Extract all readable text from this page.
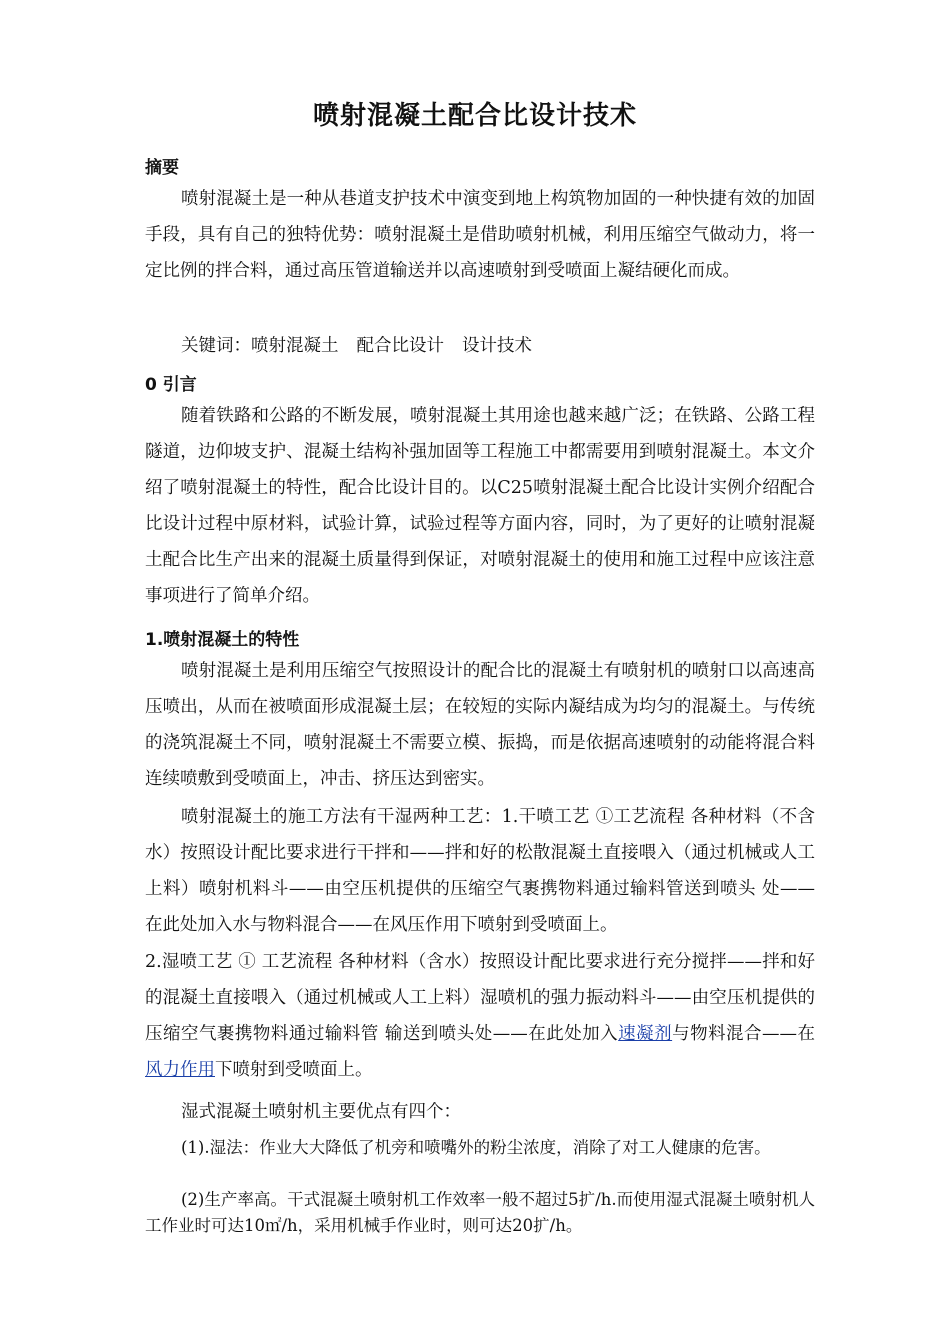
喷射混凝土配合比设计技术
摘要
喷射混凝土是一种从巷道支护技术中演变到地上构筑物加固的一种快捷有效的加固手段，具有自己的独特优势：喷射混凝土是借助喷射机械，利用压缩空气做动力，将一定比例的拌合料，通过高压管道输送并以高速喷射到受喷面上凝结硬化而成。
关键词：喷射混凝土 配合比设计 设计技术
0 引言
随着铁路和公路的不断发展，喷射混凝土其用途也越来越广泛；在铁路、公路工程隧道，边仰坡支护、混凝土结构补强加固等工程施工中都需要用到喷射混凝土。本文介绍了喷射混凝土的特性，配合比设计目的。以C25喷射混凝土配合比设计实例介绍配合比设计过程中原材料，试验计算，试验过程等方面内容，同时，为了更好的让喷射混凝土配合比生产出来的混凝土质量得到保证，对喷射混凝土的使用和施工过程中应该注意事项进行了简单介绍。
1.喷射混凝土的特性
喷射混凝土是利用压缩空气按照设计的配合比的混凝土有喷射机的喷射口以高速高压喷出，从而在被喷面形成混凝土层；在较短的实际内凝结成为均匀的混凝土。与传统的浇筑混凝土不同，喷射混凝土不需要立模、振捣，而是依据高速喷射的动能将混合料连续喷敷到受喷面上，冲击、挤压达到密实。
喷射混凝土的施工方法有干湿两种工艺：1.干喷工艺 ①工艺流程 各种材料（不含水）按照设计配比要求进行干拌和——拌和好的松散混凝土直接喂入（通过机械或人工上料）喷射机料斗——由空压机提供的压缩空气裹携物料通过输料管送到喷头 处——在此处加入水与物料混合——在风压作用下喷射到受喷面上。
2.湿喷工艺 ① 工艺流程 各种材料（含水）按照设计配比要求进行充分搅拌——拌和好的混凝土直接喂入（通过机械或人工上料）湿喷机的强力振动料斗——由空压机提供的压缩空气裹携物料通过输料管 输送到喷头处——在此处加入速凝剂与物料混合——在风力作用下喷射到受喷面上。
湿式混凝土喷射机主要优点有四个：
(1).湿法：作业大大降低了机旁和喷嘴外的粉尘浓度，消除了对工人健康的危害。
(2)生产率高。干式混凝土喷射机工作效率一般不超过5扩/h.而使用湿式混凝土喷射机人工作业时可达10㎡/h，采用机械手作业时，则可达20扩/h。
